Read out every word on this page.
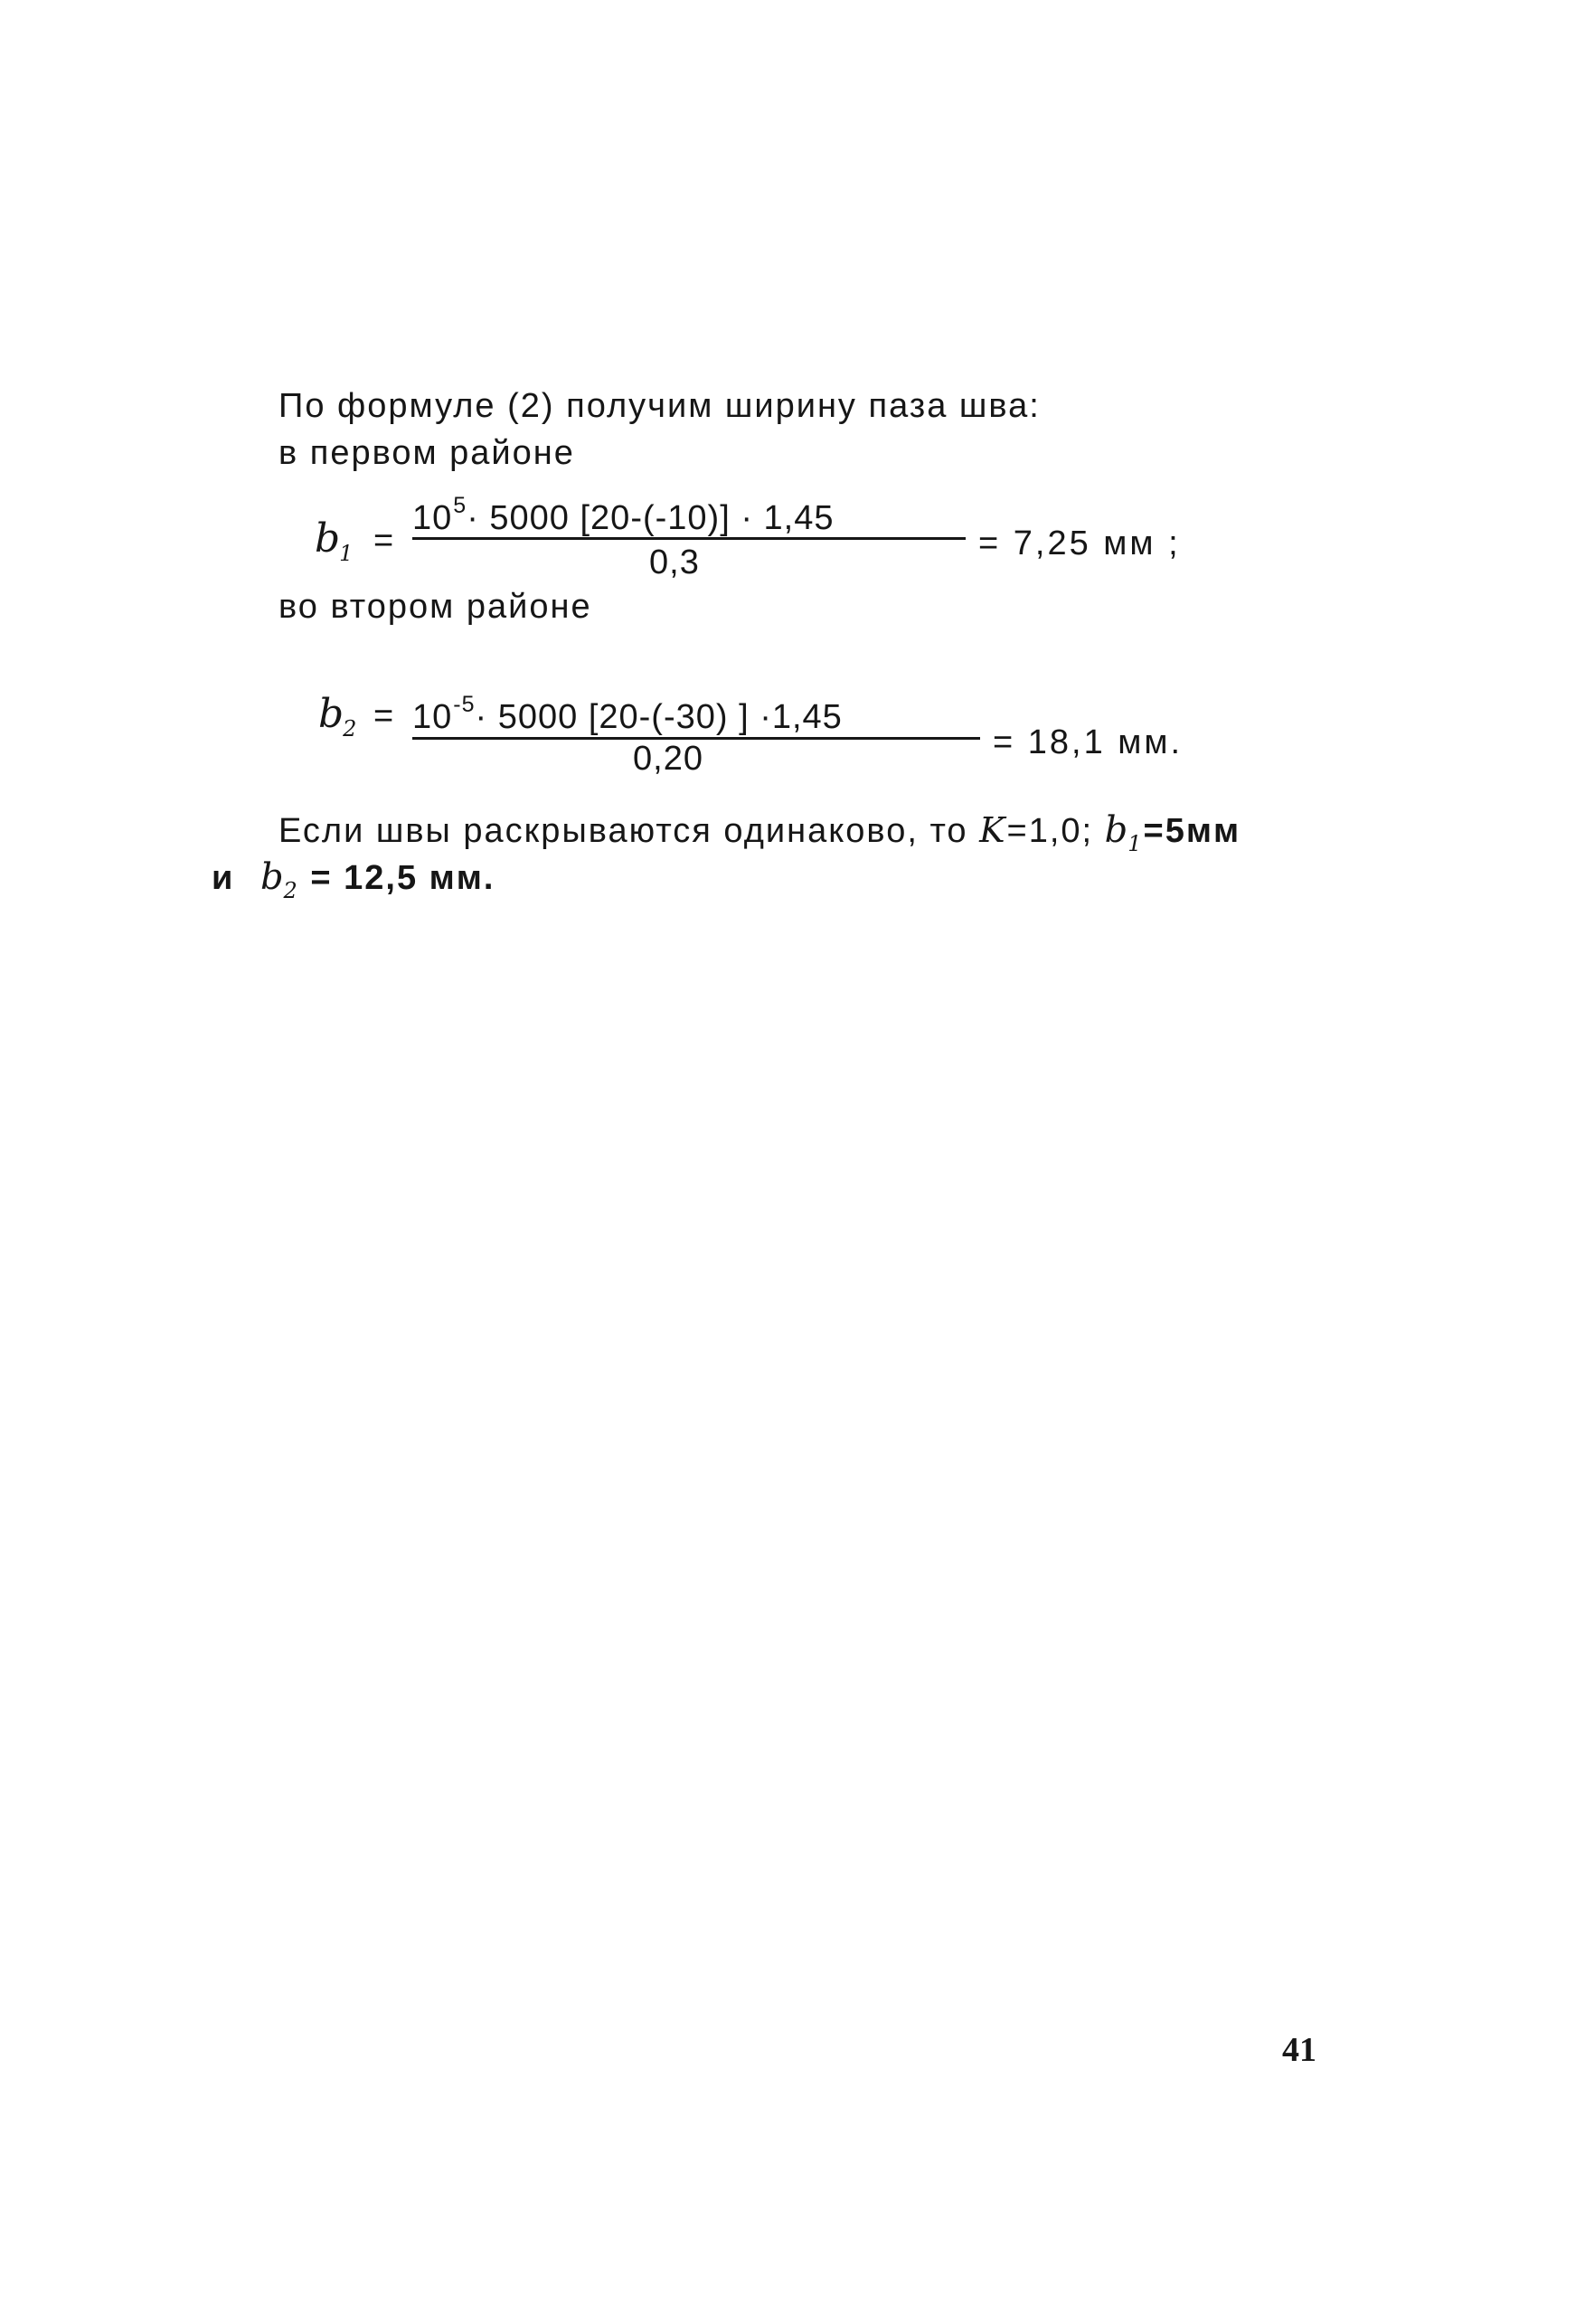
По формуле (2) получим ширину паза шва:
в первом районе
$b_1$ =
$10^5\cdot 5000$ [20-(-10)] · 1,45
0,3	= 7,25 мм ;
во втором районе
$b_2 = 10^{-5}\cdot 5000$ [20-(-30) ] ·1,45
0,20	= 18,1 мм.
Если швы раскрываются одинаково, то K=1,0; $b_1=5мм$
и $b_2 = 12,5$ мм.
41
